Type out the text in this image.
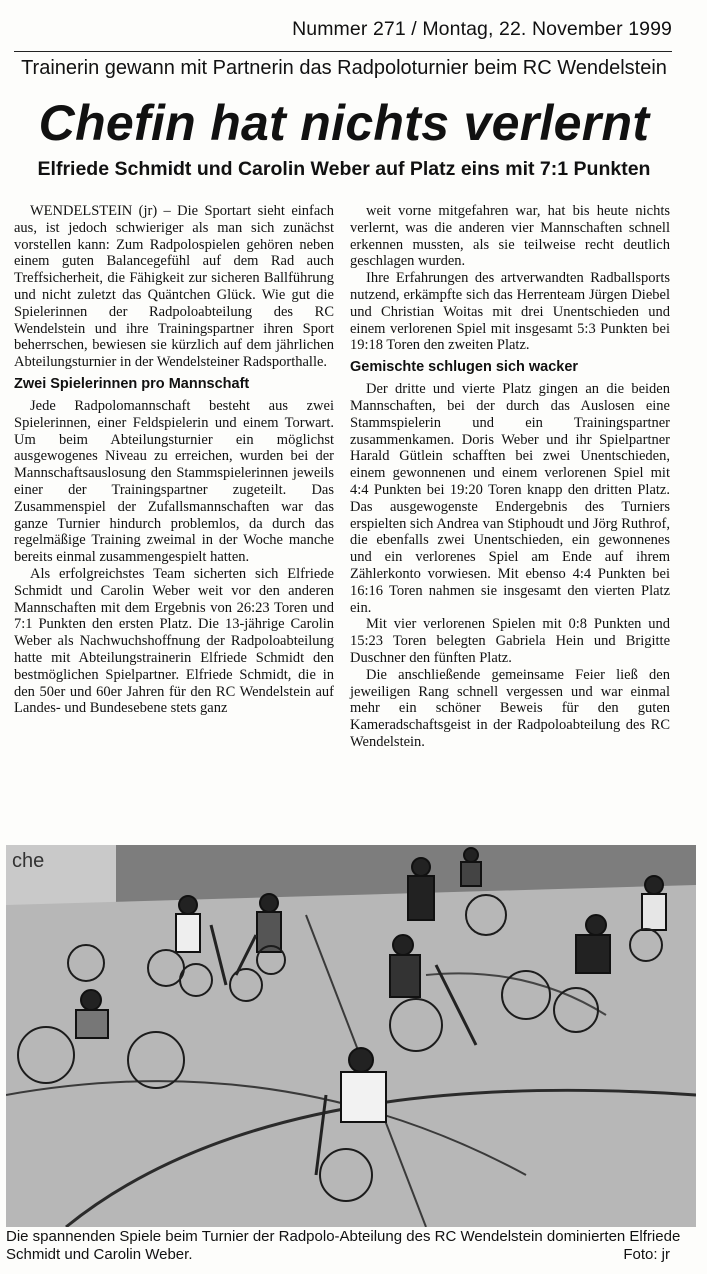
Nummer 271 / Montag, 22. November 1999
Trainerin gewann mit Partnerin das Radpoloturnier beim RC Wendelstein
Chefin hat nichts verlernt
Elfriede Schmidt und Carolin Weber auf Platz eins mit 7:1 Punkten

WENDELSTEIN (jr) – Die Sportart sieht einfach aus, ist jedoch schwieriger als man sich zunächst vorstellen kann: Zum Radpolospielen gehören neben einem guten Balancegefühl auf dem Rad auch Treffsicherheit, die Fähigkeit zur sicheren Ballführung und nicht zuletzt das Quäntchen Glück. Wie gut die Spielerinnen der Radpoloabteilung des RC Wendelstein und ihre Trainingspartner ihren Sport beherrschen, bewiesen sie kürzlich auf dem jährlichen Abteilungsturnier in der Wendelsteiner Radsporthalle.

Zwei Spielerinnen pro Mannschaft

Jede Radpolomannschaft besteht aus zwei Spielerinnen, einer Feldspielerin und einem Torwart. Um beim Abteilungsturnier ein möglichst ausgewogenes Niveau zu erreichen, wurden bei der Mannschaftsauslosung den Stammspielerinnen jeweils einer der Trainingspartner zugeteilt. Das Zusammenspiel der Zufallsmannschaften war das ganze Turnier hindurch problemlos, da durch das regelmäßige Training zweimal in der Woche manche bereits einmal zusammengespielt hatten.

Als erfolgreichstes Team sicherten sich Elfriede Schmidt und Carolin Weber weit vor den anderen Mannschaften mit dem Ergebnis von 26:23 Toren und 7:1 Punkten den ersten Platz. Die 13-jährige Carolin Weber als Nachwuchshoffnung der Radpoloabteilung hatte mit Abteilungstrainerin Elfriede Schmidt den bestmöglichen Spielpartner. Elfriede Schmidt, die in den 50er und 60er Jahren für den RC Wendelstein auf Landes- und Bundesebene stets ganz

weit vorne mitgefahren war, hat bis heute nichts verlernt, was die anderen vier Mannschaften schnell erkennen mussten, als sie teilweise recht deutlich geschlagen wurden.

Ihre Erfahrungen des artverwandten Radballsports nutzend, erkämpfte sich das Herrenteam Jürgen Diebel und Christian Woitas mit drei Unentschieden und einem verlorenen Spiel mit insgesamt 5:3 Punkten bei 19:18 Toren den zweiten Platz.

Gemischte schlugen sich wacker

Der dritte und vierte Platz gingen an die beiden Mannschaften, bei der durch das Auslosen eine Stammspielerin und ein Trainingspartner zusammenkamen. Doris Weber und ihr Spielpartner Harald Gütlein schafften bei zwei Unentschieden, einem gewonnenen und einem verlorenen Spiel mit 4:4 Punkten bei 19:20 Toren knapp den dritten Platz. Das ausgewogenste Endergebnis des Turniers erspielten sich Andrea van Stiphoudt und Jörg Ruthrof, die ebenfalls zwei Unentschieden, ein gewonnenes und ein verlorenes Spiel am Ende auf ihrem Zählerkonto vorwiesen. Mit ebenso 4:4 Punkten bei 16:16 Toren nahmen sie insgesamt den vierten Platz ein.

Mit vier verlorenen Spielen mit 0:8 Punkten und 15:23 Toren belegten Gabriela Hein und Brigitte Duschner den fünften Platz.

Die anschließende gemeinsame Feier ließ den jeweiligen Rang schnell vergessen und war einmal mehr ein schöner Beweis für den guten Kameradschaftsgeist in der Radpoloabteilung des RC Wendelstein.

che
Die spannenden Spiele beim Turnier der Radpolo-Abteilung des RC Wendelstein dominierten Elfriede Schmidt und Carolin Weber.	Foto: jr
